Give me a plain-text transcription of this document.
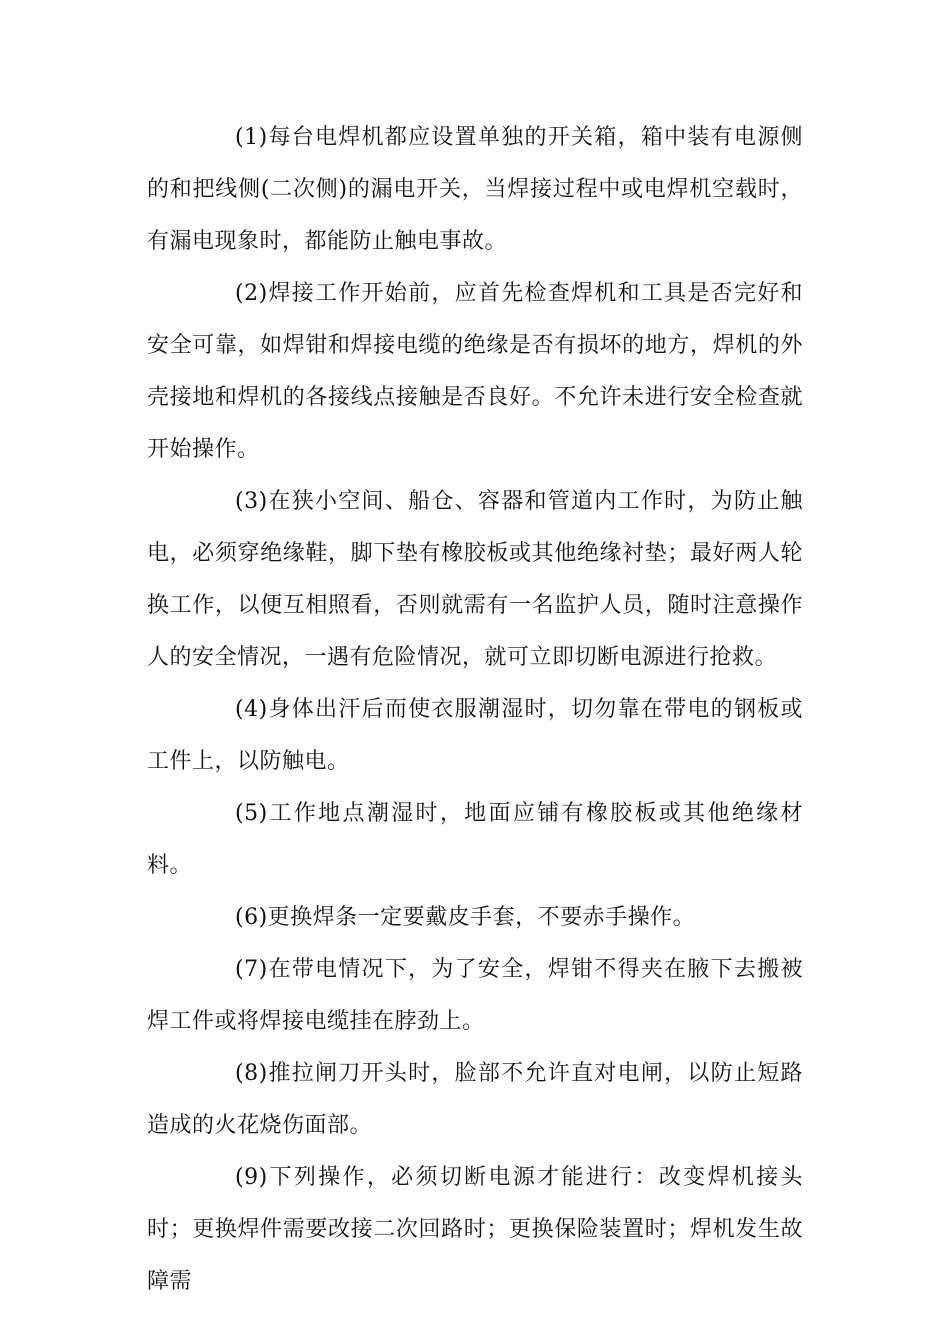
(1)每台电焊机都应设置单独的开关箱，箱中装有电源侧的和把线侧(二次侧)的漏电开关，当焊接过程中或电焊机空载时，有漏电现象时，都能防止触电事故。

(2)焊接工作开始前，应首先检查焊机和工具是否完好和安全可靠，如焊钳和焊接电缆的绝缘是否有损坏的地方，焊机的外壳接地和焊机的各接线点接触是否良好。不允许未进行安全检查就开始操作。

(3)在狭小空间、船仓、容器和管道内工作时，为防止触电，必须穿绝缘鞋，脚下垫有橡胶板或其他绝缘衬垫；最好两人轮换工作，以便互相照看，否则就需有一名监护人员，随时注意操作人的安全情况，一遇有危险情况，就可立即切断电源进行抢救。

(4)身体出汗后而使衣服潮湿时，切勿靠在带电的钢板或工件上，以防触电。

(5)工作地点潮湿时，地面应铺有橡胶板或其他绝缘材料。

(6)更换焊条一定要戴皮手套，不要赤手操作。

(7)在带电情况下，为了安全，焊钳不得夹在腋下去搬被焊工件或将焊接电缆挂在脖劲上。

(8)推拉闸刀开头时，脸部不允许直对电闸，以防止短路造成的火花烧伤面部。

(9)下列操作，必须切断电源才能进行：改变焊机接头时；更换焊件需要改接二次回路时；更换保险装置时；焊机发生故障需
